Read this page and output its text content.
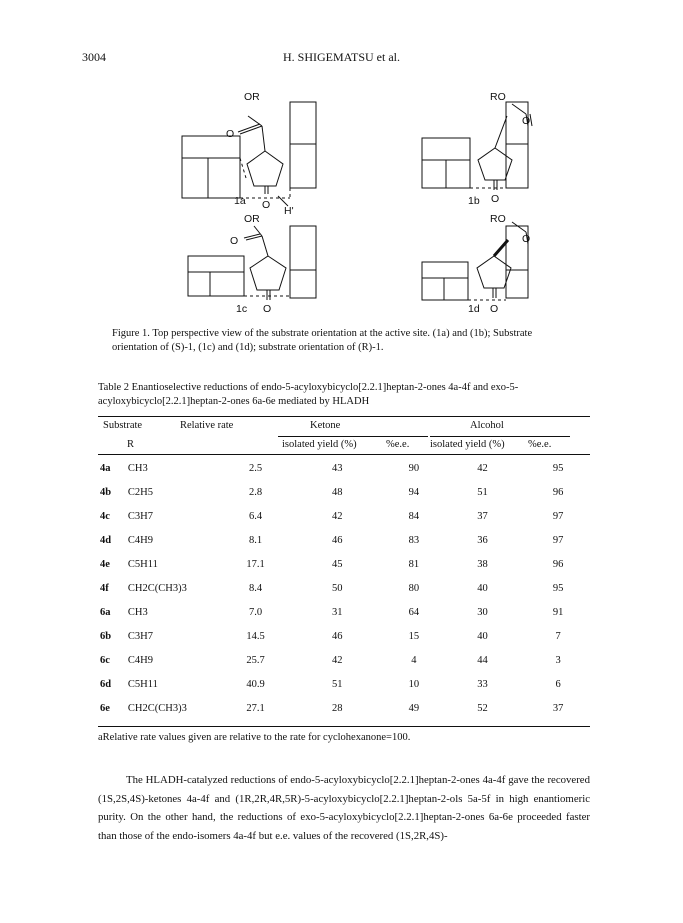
3004	H. SHIGEMATSU et al.
OR
O
O H'
1a
RO
O
O
1b
OR
O
O
1c
RO
O
O
1d
Figure 1. Top perspective view of the substrate orientation at the active site. (1a) and (1b); Substrate orientation of (S)-1, (1c) and (1d); substrate orientation of (R)-1.
Table 2 Enantioselective reductions of endo-5-acyloxybicyclo[2.2.1]heptan-2-ones 4a-4f and exo-5-acyloxybicyclo[2.2.1]heptan-2-ones 6a-6e mediated by HLADH
Substrate	Relative rate	Ketone	Alcohol
R	isolated yield (%)	%e.e. isolated yield (%) %e.e.
4a	CH3	2.5	43	90	42	95
4b	C2H5	2.8	48	94	51	96
4c	C3H7	6.4	42	84	37	97
4d	C4H9	8.1	46	83	36	97
4e	C5H11	17.1	45	81	38	96
4f	CH2C(CH3)3	8.4	50	80	40	95
6a	CH3	7.0	31	64	30	91
6b	C3H7	14.5	46	15	40	7
6c	C4H9	25.7	42	4	44	3
6d	C5H11	40.9	51	10	33	6
6e	CH2C(CH3)3	27.1	28	49	52	37
aRelative rate values given are relative to the rate for cyclohexanone=100.
The HLADH-catalyzed reductions of endo-5-acyloxybicyclo[2.2.1]heptan-2-ones 4a-4f gave the recovered (1S,2S,4S)-ketones 4a-4f and (1R,2R,4R,5R)-5-acyloxybicyclo[2.2.1]heptan-2-ols 5a-5f in high enantiomeric purity. On the other hand, the reductions of exo-5-acyloxybicyclo[2.2.1]heptan-2-ones 6a-6e proceeded faster than those of the endo-isomers 4a-4f but e.e. values of the recovered (1S,2R,4S)-
